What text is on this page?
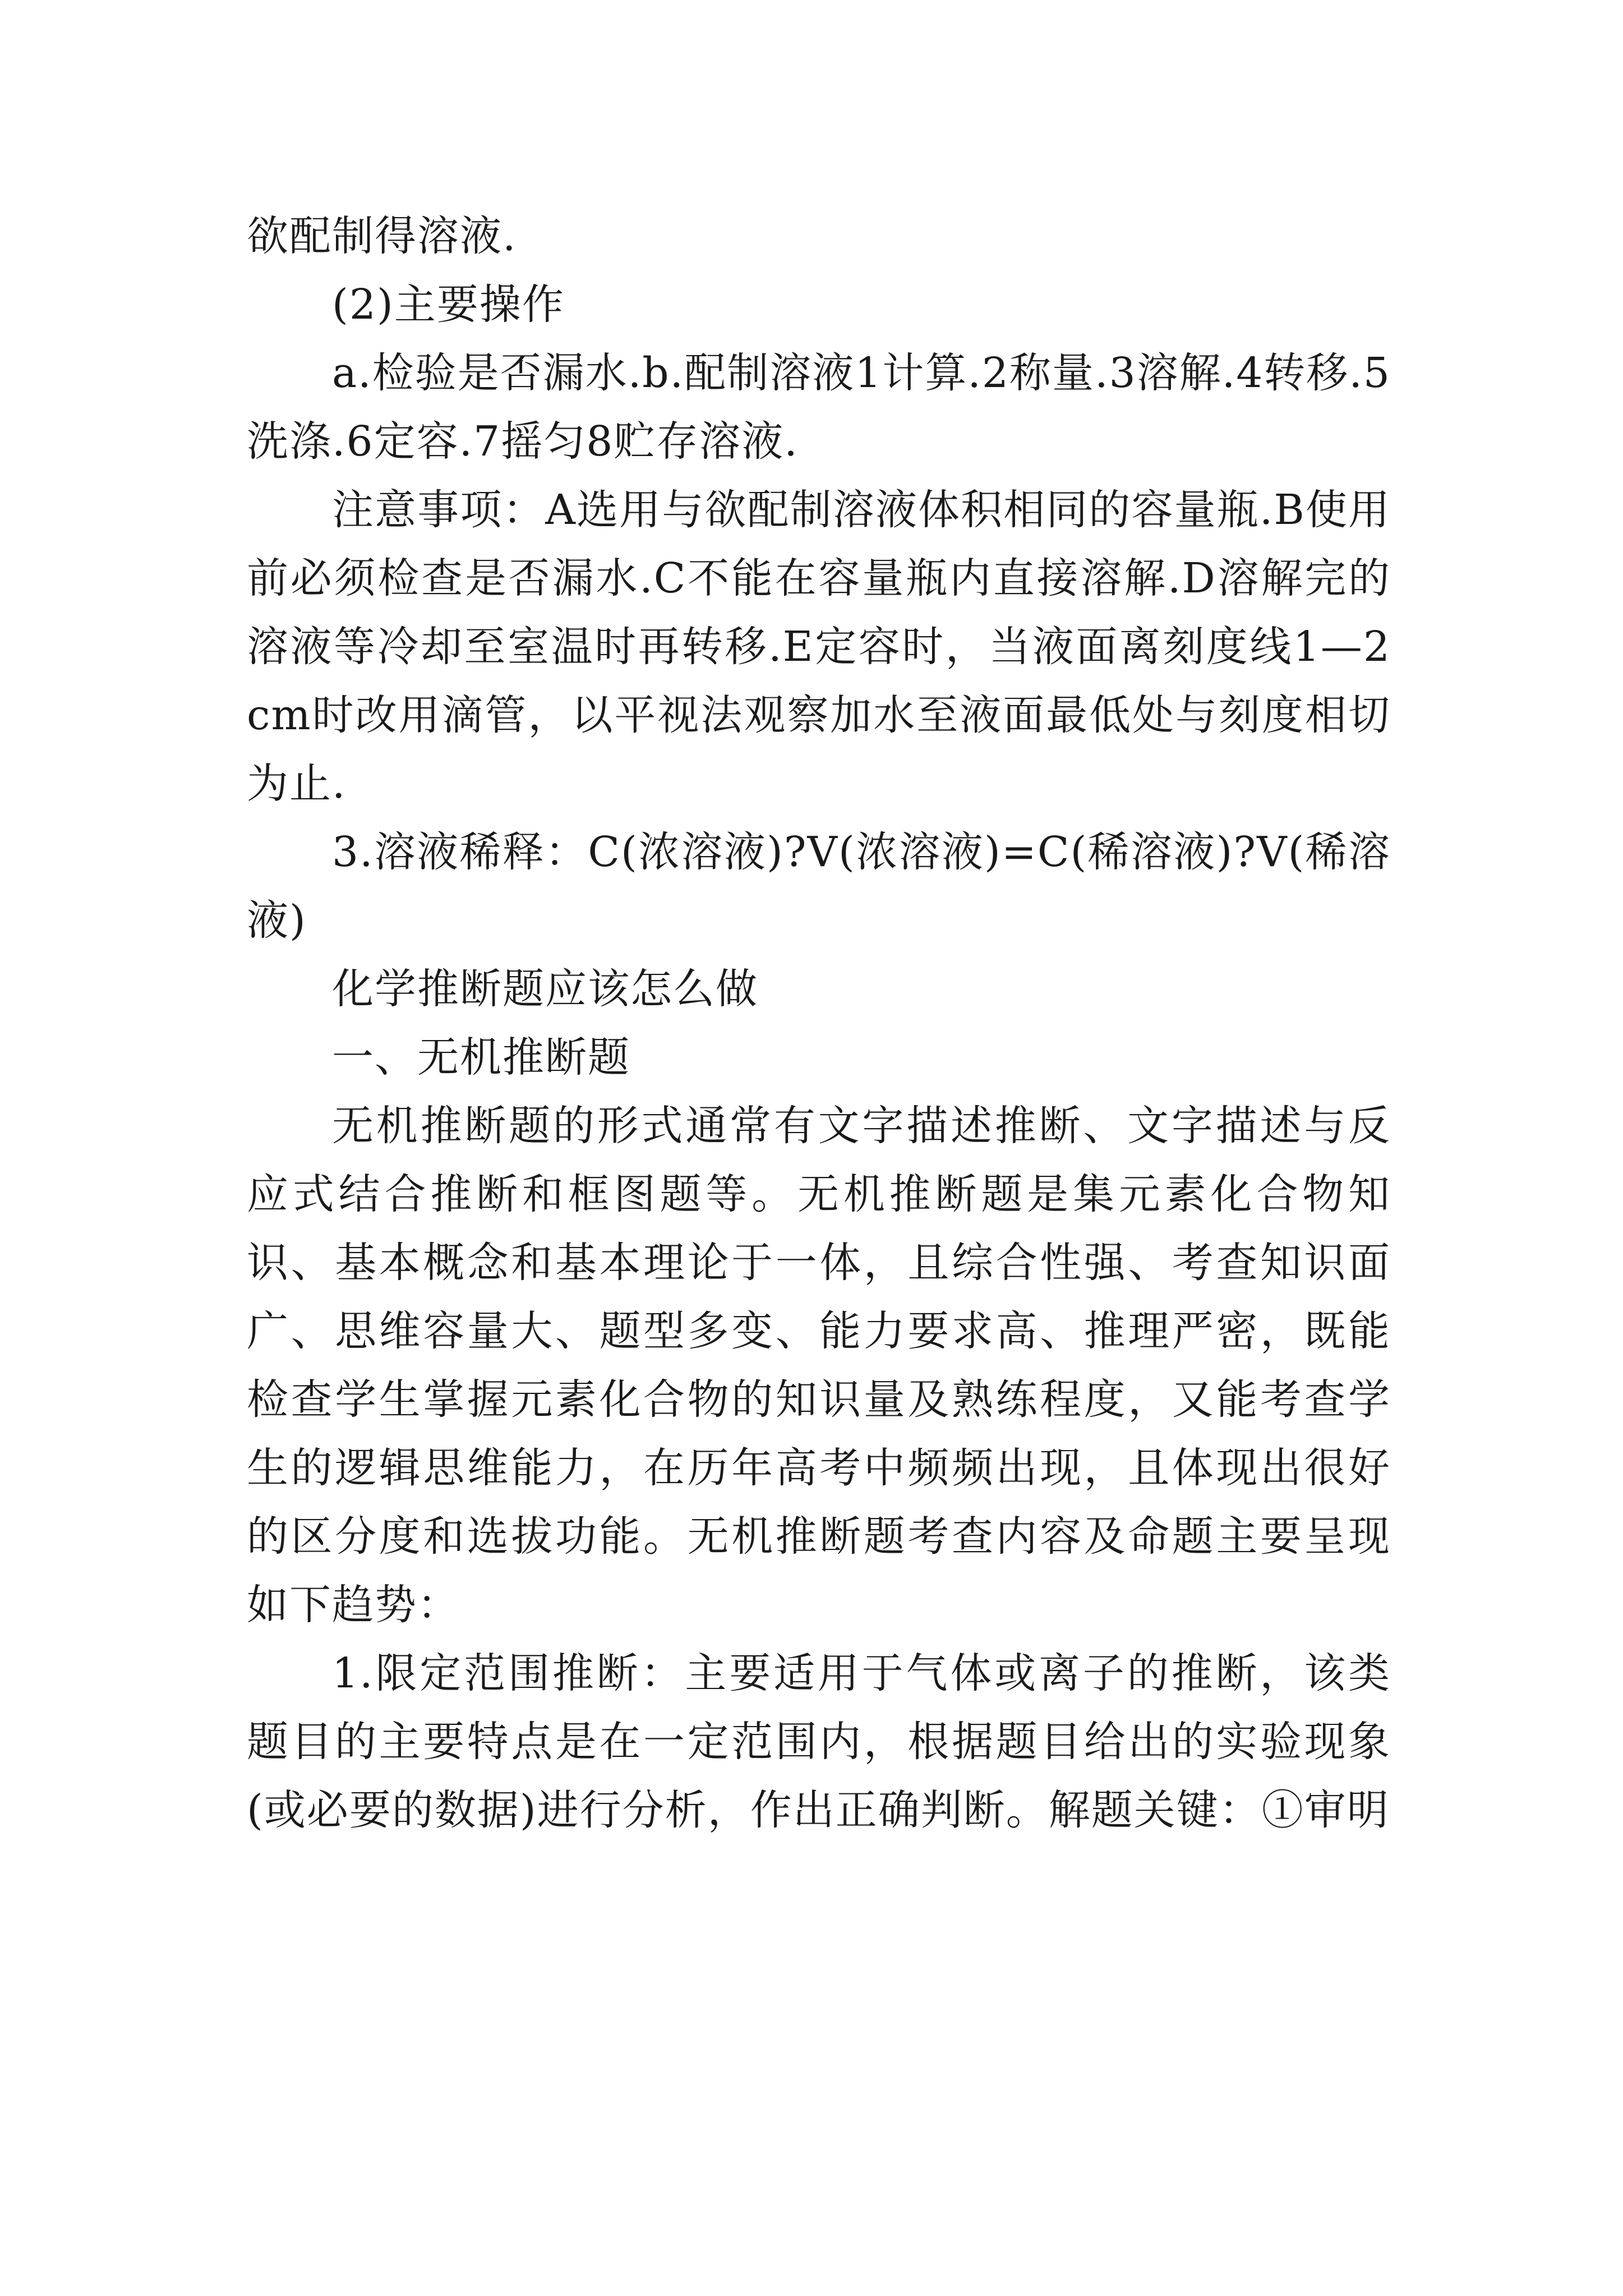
欲配制得溶液.

(2)主要操作

a.检验是否漏水.b.配制溶液1计算.2称量.3溶解.4转移.5洗涤.6定容.7摇匀8贮存溶液.

注意事项：A选用与欲配制溶液体积相同的容量瓶.B使用前必须检查是否漏水.C不能在容量瓶内直接溶解.D溶解完的溶液等冷却至室温时再转移.E定容时，当液面离刻度线1—2cm时改用滴管，以平视法观察加水至液面最低处与刻度相切为止.

3.溶液稀释：C(浓溶液)?V(浓溶液)=C(稀溶液)?V(稀溶液)

化学推断题应该怎么做

一、无机推断题

无机推断题的形式通常有文字描述推断、文字描述与反应式结合推断和框图题等。无机推断题是集元素化合物知识、基本概念和基本理论于一体，且综合性强、考查知识面广、思维容量大、题型多变、能力要求高、推理严密，既能检查学生掌握元素化合物的知识量及熟练程度，又能考查学生的逻辑思维能力，在历年高考中频频出现，且体现出很好的区分度和选拔功能。无机推断题考查内容及命题主要呈现如下趋势：

1.限定范围推断：主要适用于气体或离子的推断，该类题目的主要特点是在一定范围内，根据题目给出的实验现象(或必要的数据)进行分析，作出正确判断。解题关键：①审明
